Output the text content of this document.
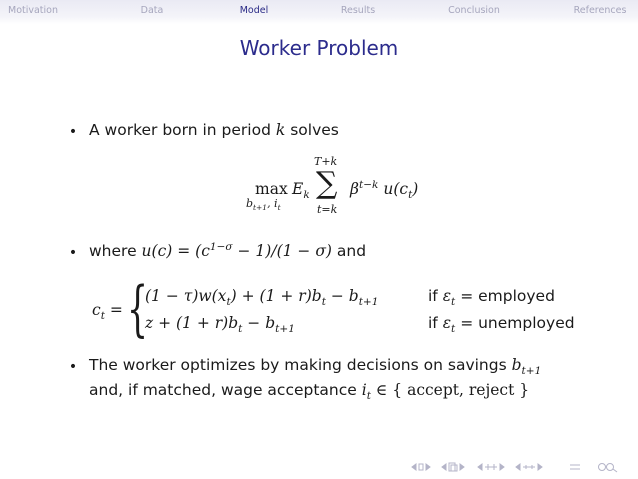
Motivation	Data	Model	Results	Conclusion	References
Worker Problem
• A worker born in period k solves
max
$b_{t+1}$, $i_t$
$E_k$
T+k
∑
t=k
$\beta^{t-k}$ $u(c_t)$
• where $u(c) = (c^{1-\sigma} - 1)/(1 - \sigma)$ and
$c_t$ = {
$(1 - \tau)w(x_t) + (1 + r)b_t - b_{t+1}$	if $\varepsilon_t$ = employed
$z + (1 + r)b_t - b_{t+1}$	if $\varepsilon_t$ = unemployed
• The worker optimizes by making decisions on savings $b_{t+1}$
and, if matched, wage acceptance $i_t$ ∈ { accept, reject }
